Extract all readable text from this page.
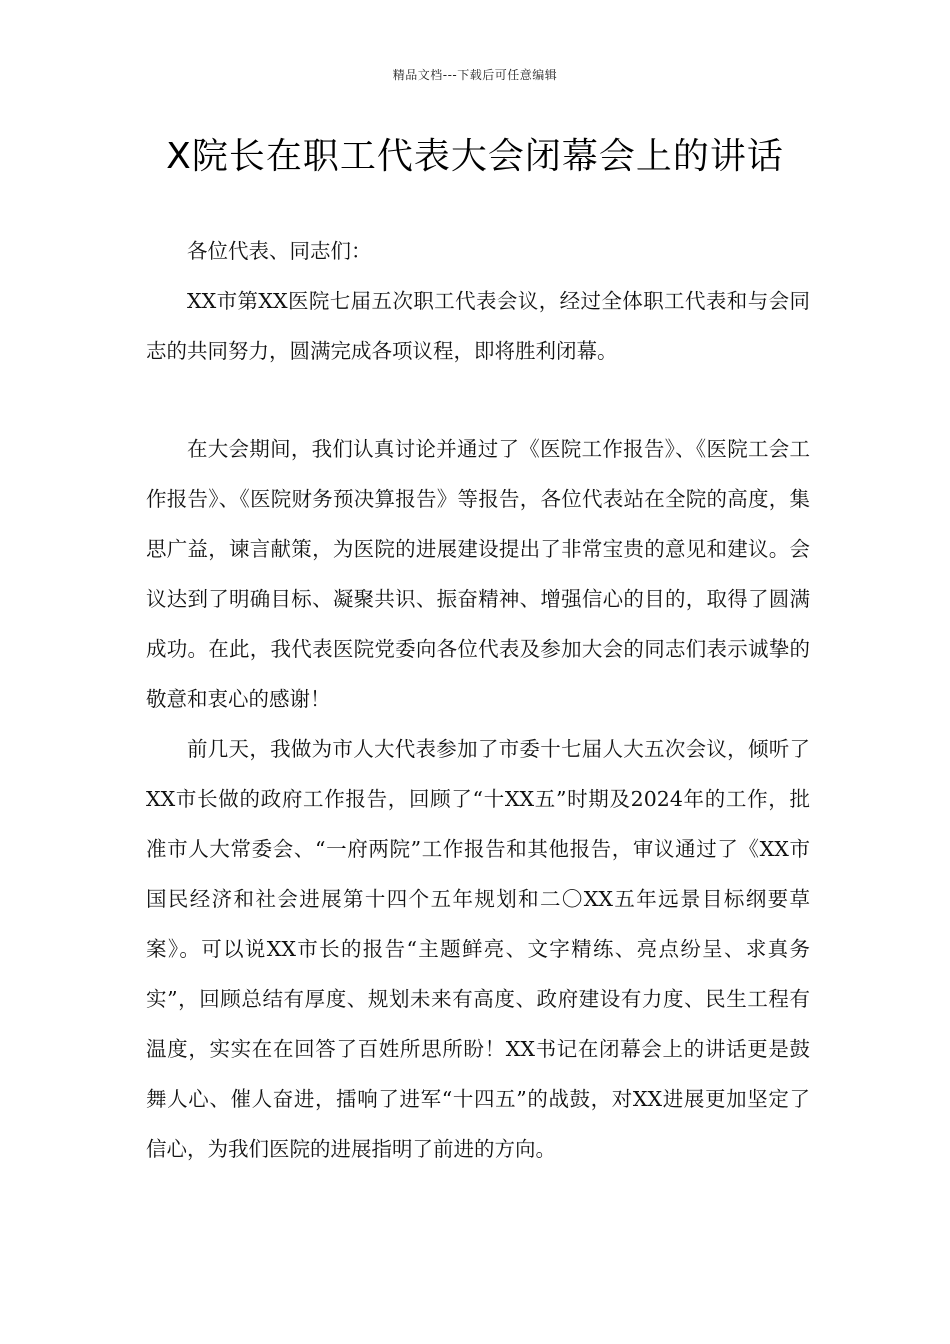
精品文档---下载后可任意编辑
X院长在职工代表大会闭幕会上的讲话

各位代表、同志们：

XX市第XX医院七届五次职工代表会议，经过全体职工代表和与会同志的共同努力，圆满完成各项议程，即将胜利闭幕。

在大会期间，我们认真讨论并通过了《医院工作报告》、《医院工会工作报告》、《医院财务预决算报告》等报告，各位代表站在全院的高度，集思广益，谏言献策，为医院的进展建设提出了非常宝贵的意见和建议。会议达到了明确目标、凝聚共识、振奋精神、增强信心的目的，取得了圆满成功。在此，我代表医院党委向各位代表及参加大会的同志们表示诚挚的敬意和衷心的感谢！

前几天，我做为市人大代表参加了市委十七届人大五次会议，倾听了XX市长做的政府工作报告，回顾了“十XX五”时期及2024年的工作，批准市人大常委会、“一府两院”工作报告和其他报告，审议通过了《XX市国民经济和社会进展第十四个五年规划和二〇XX五年远景目标纲要草案》。可以说XX市长的报告“主题鲜亮、文字精练、亮点纷呈、求真务实”，回顾总结有厚度、规划未来有高度、政府建设有力度、民生工程有温度，实实在在回答了百姓所思所盼！XX书记在闭幕会上的讲话更是鼓舞人心、催人奋进，擂响了进军“十四五”的战鼓，对XX进展更加坚定了信心，为我们医院的进展指明了前进的方向。
